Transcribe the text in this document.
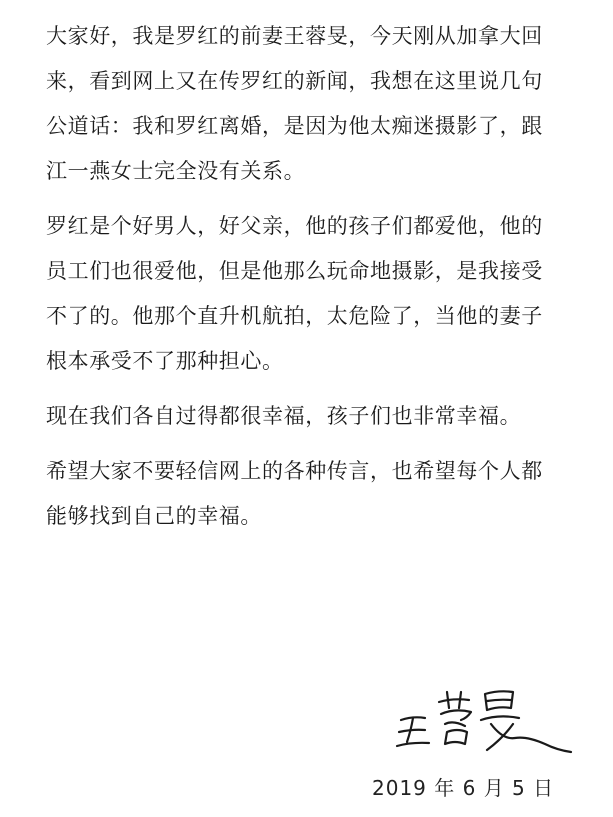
大家好，我是罗红的前妻王蓉旻，今天刚从加拿大回
来，看到网上又在传罗红的新闻，我想在这里说几句
公道话：我和罗红离婚，是因为他太痴迷摄影了，跟
江一燕女士完全没有关系。

罗红是个好男人，好父亲，他的孩子们都爱他，他的
员工们也很爱他，但是他那么玩命地摄影，是我接受
不了的。他那个直升机航拍，太危险了，当他的妻子
根本承受不了那种担心。

现在我们各自过得都很幸福，孩子们也非常幸福。

希望大家不要轻信网上的各种传言，也希望每个人都
能够找到自己的幸福。

2019 年 6 月 5 日
